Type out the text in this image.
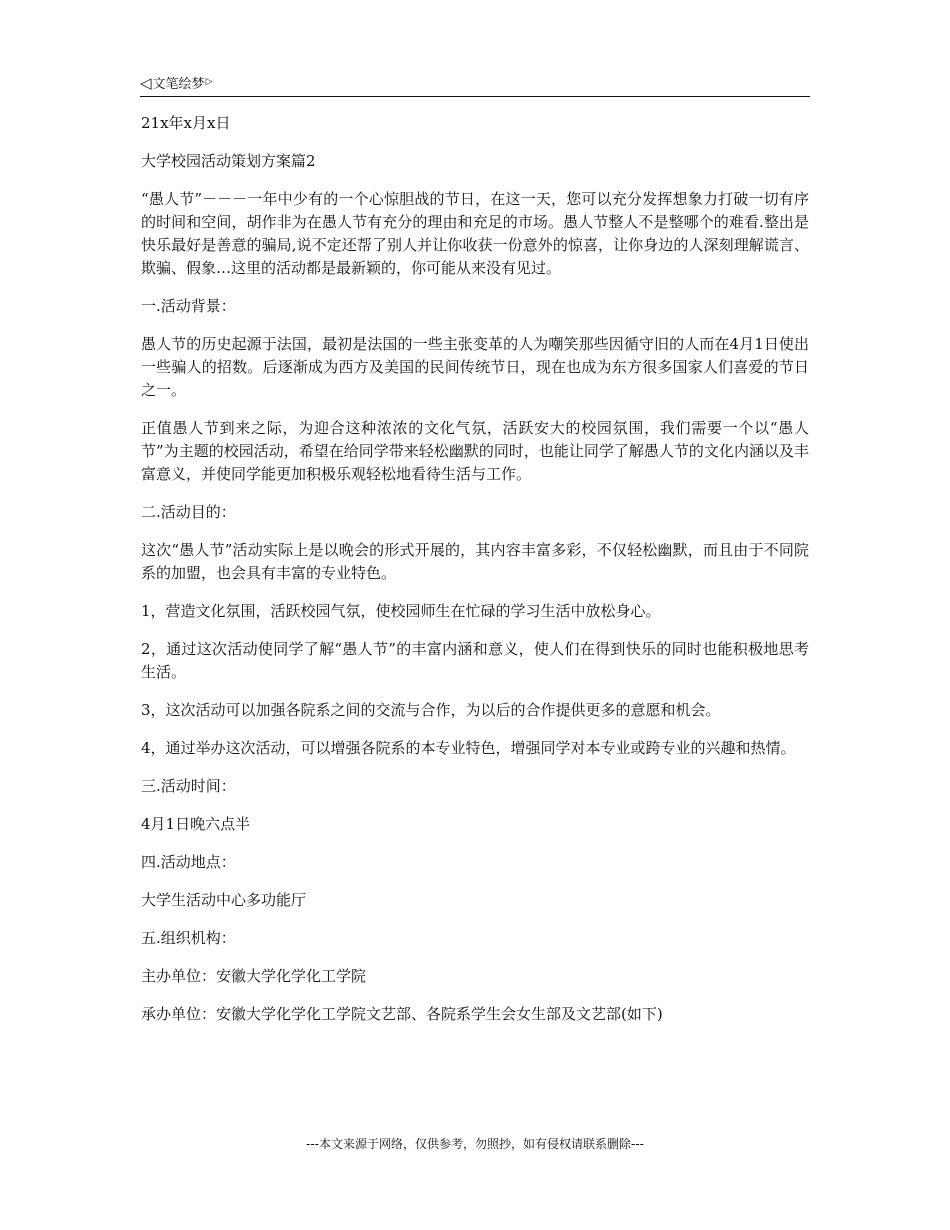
◁文笔绘梦▷

21x年x月x日

大学校园活动策划方案篇2

“愚人节”－－－一年中少有的一个心惊胆战的节日，在这一天，您可以充分发挥想象力打破一切有序的时间和空间，胡作非为在愚人节有充分的理由和充足的市场。愚人节整人不是整哪个的难看.整出是快乐最好是善意的骗局,说不定还帮了别人并让你收获一份意外的惊喜，让你身边的人深刻理解谎言、欺骗、假象…这里的活动都是最新颖的，你可能从来没有见过。

一.活动背景：

愚人节的历史起源于法国，最初是法国的一些主张变革的人为嘲笑那些因循守旧的人而在4月1日使出一些骗人的招数。后逐渐成为西方及美国的民间传统节日，现在也成为东方很多国家人们喜爱的节日之一。

正值愚人节到来之际，为迎合这种浓浓的文化气氛，活跃安大的校园氛围，我们需要一个以“愚人节”为主题的校园活动，希望在给同学带来轻松幽默的同时，也能让同学了解愚人节的文化内涵以及丰富意义，并使同学能更加积极乐观轻松地看待生活与工作。

二.活动目的：

这次“愚人节”活动实际上是以晚会的形式开展的，其内容丰富多彩，不仅轻松幽默，而且由于不同院系的加盟，也会具有丰富的专业特色。

1，营造文化氛围，活跃校园气氛，使校园师生在忙碌的学习生活中放松身心。

2，通过这次活动使同学了解“愚人节”的丰富内涵和意义，使人们在得到快乐的同时也能积极地思考生活。

3，这次活动可以加强各院系之间的交流与合作，为以后的合作提供更多的意愿和机会。

4，通过举办这次活动，可以增强各院系的本专业特色，增强同学对本专业或跨专业的兴趣和热情。

三.活动时间：

4月1日晚六点半

四.活动地点：

大学生活动中心多功能厅

五.组织机构：

主办单位：安徽大学化学化工学院

承办单位：安徽大学化学化工学院文艺部、各院系学生会女生部及文艺部(如下)

---本文来源于网络，仅供参考，勿照抄，如有侵权请联系删除---
